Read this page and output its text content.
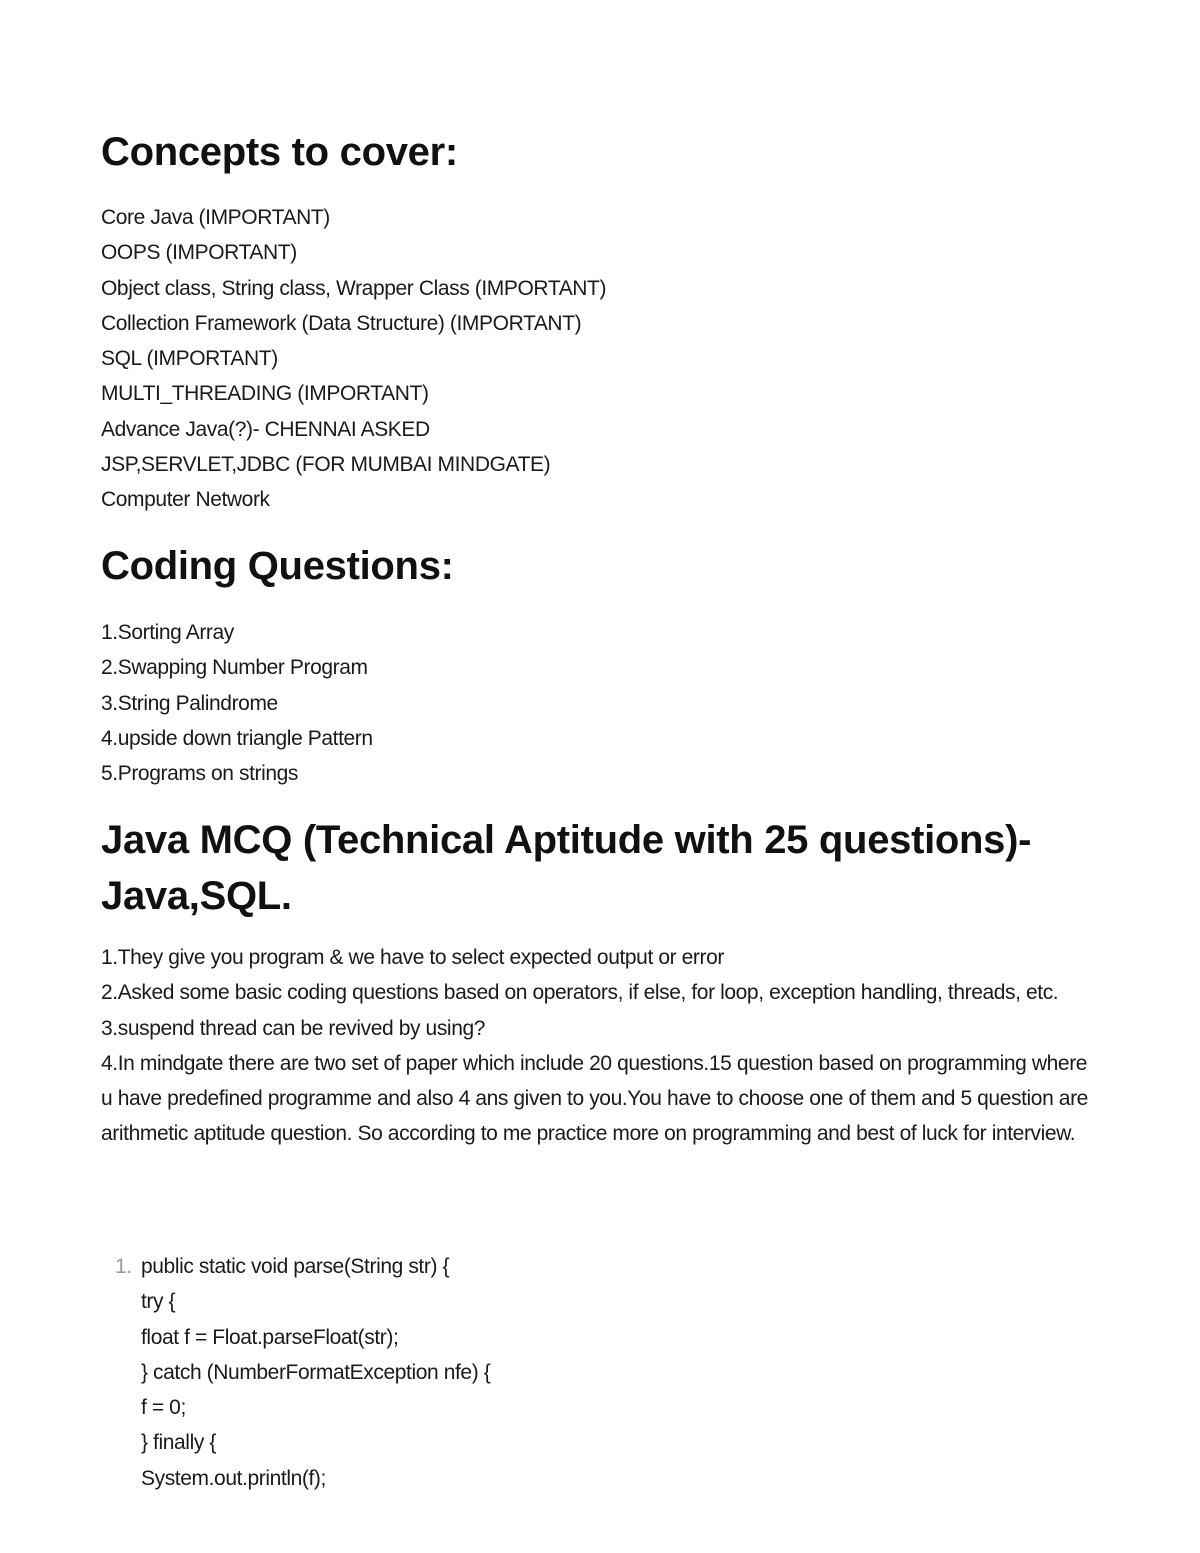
Concepts to cover:
Core Java (IMPORTANT)
OOPS (IMPORTANT)
Object class, String class, Wrapper Class (IMPORTANT)
Collection Framework (Data Structure) (IMPORTANT)
SQL (IMPORTANT)
MULTI_THREADING (IMPORTANT)
Advance Java(?)- CHENNAI ASKED
JSP,SERVLET,JDBC (FOR MUMBAI MINDGATE)
Computer Network
Coding Questions:
1.Sorting Array
2.Swapping Number Program
3.String Palindrome
4.upside down triangle Pattern
5.Programs on strings
Java MCQ (Technical Aptitude with 25 questions)- Java,SQL.
1.They give you program & we have to select expected output or error
2.Asked some basic coding questions based on operators, if else, for loop, exception handling, threads, etc.
3.suspend thread can be revived by using?
4.In mindgate there are two set of paper which include 20 questions.15 question based on programming where u have predefined programme and also 4 ans given to you.You have to choose one of them and 5 question are arithmetic aptitude question. So according to me practice more on programming and best of luck for interview.
1. public static void parse(String str) {
try {
float f = Float.parseFloat(str);
} catch (NumberFormatException nfe) {
f = 0;
} finally {
System.out.println(f);
